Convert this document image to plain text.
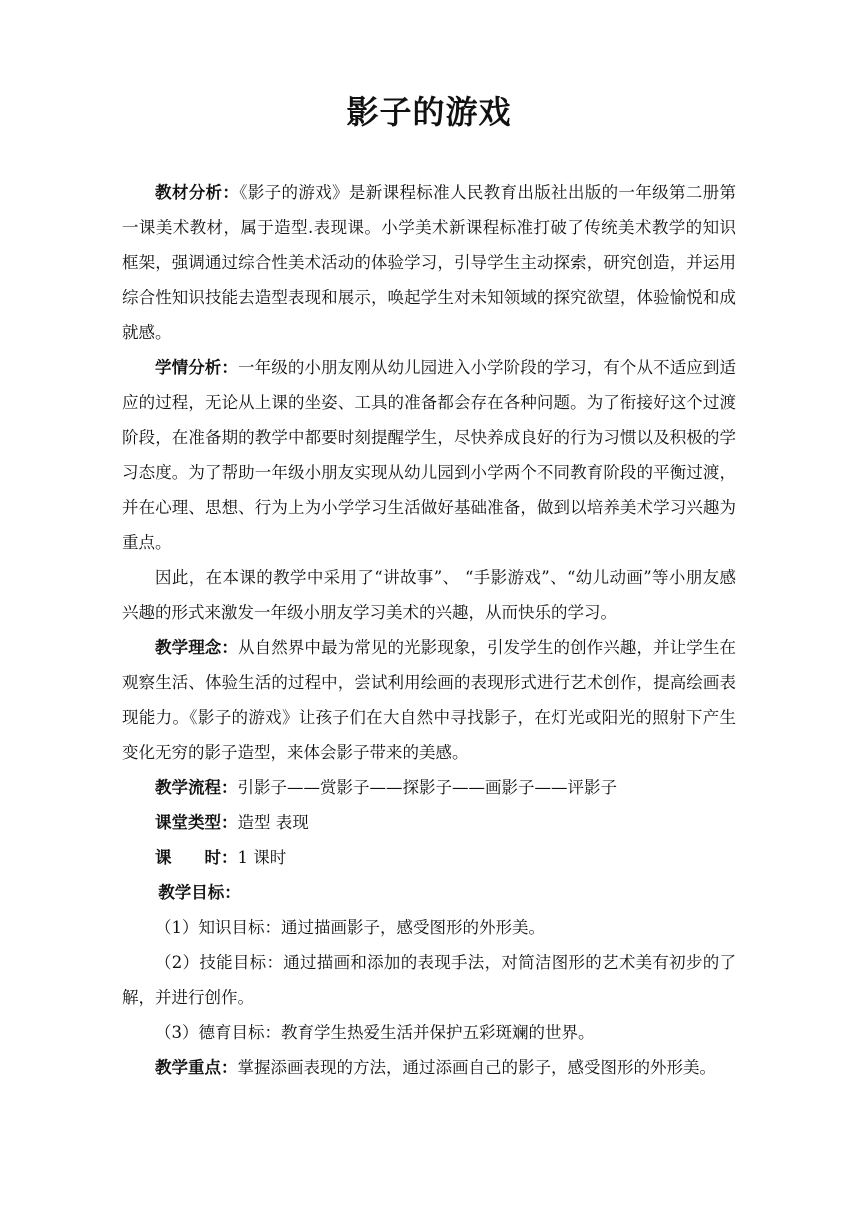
影子的游戏

教材分析：《影子的游戏》是新课程标准人民教育出版社出版的一年级第二册第一课美术教材，属于造型.表现课。小学美术新课程标准打破了传统美术教学的知识框架，强调通过综合性美术活动的体验学习，引导学生主动探索，研究创造，并运用综合性知识技能去造型表现和展示，唤起学生对未知领域的探究欲望，体验愉悦和成就感。

学情分析：一年级的小朋友刚从幼儿园进入小学阶段的学习，有个从不适应到适应的过程，无论从上课的坐姿、工具的准备都会存在各种问题。为了衔接好这个过渡阶段，在准备期的教学中都要时刻提醒学生，尽快养成良好的行为习惯以及积极的学习态度。为了帮助一年级小朋友实现从幼儿园到小学两个不同教育阶段的平衡过渡，并在心理、思想、行为上为小学学习生活做好基础准备，做到以培养美术学习兴趣为重点。

因此，在本课的教学中采用了“讲故事”、 “手影游戏”、“幼儿动画”等小朋友感兴趣的形式来激发一年级小朋友学习美术的兴趣，从而快乐的学习。

教学理念：从自然界中最为常见的光影现象，引发学生的创作兴趣，并让学生在观察生活、体验生活的过程中，尝试利用绘画的表现形式进行艺术创作，提高绘画表现能力。《影子的游戏》让孩子们在大自然中寻找影子，在灯光或阳光的照射下产生变化无穷的影子造型，来体会影子带来的美感。

教学流程：引影子——赏影子——探影子——画影子——评影子

课堂类型：造型 表现

课　　时：1 课时

教学目标：

（1）知识目标：通过描画影子，感受图形的外形美。

（2）技能目标：通过描画和添加的表现手法，对简洁图形的艺术美有初步的了解，并进行创作。

（3）德育目标：教育学生热爱生活并保护五彩斑斓的世界。

教学重点：掌握添画表现的方法，通过添画自己的影子，感受图形的外形美。
